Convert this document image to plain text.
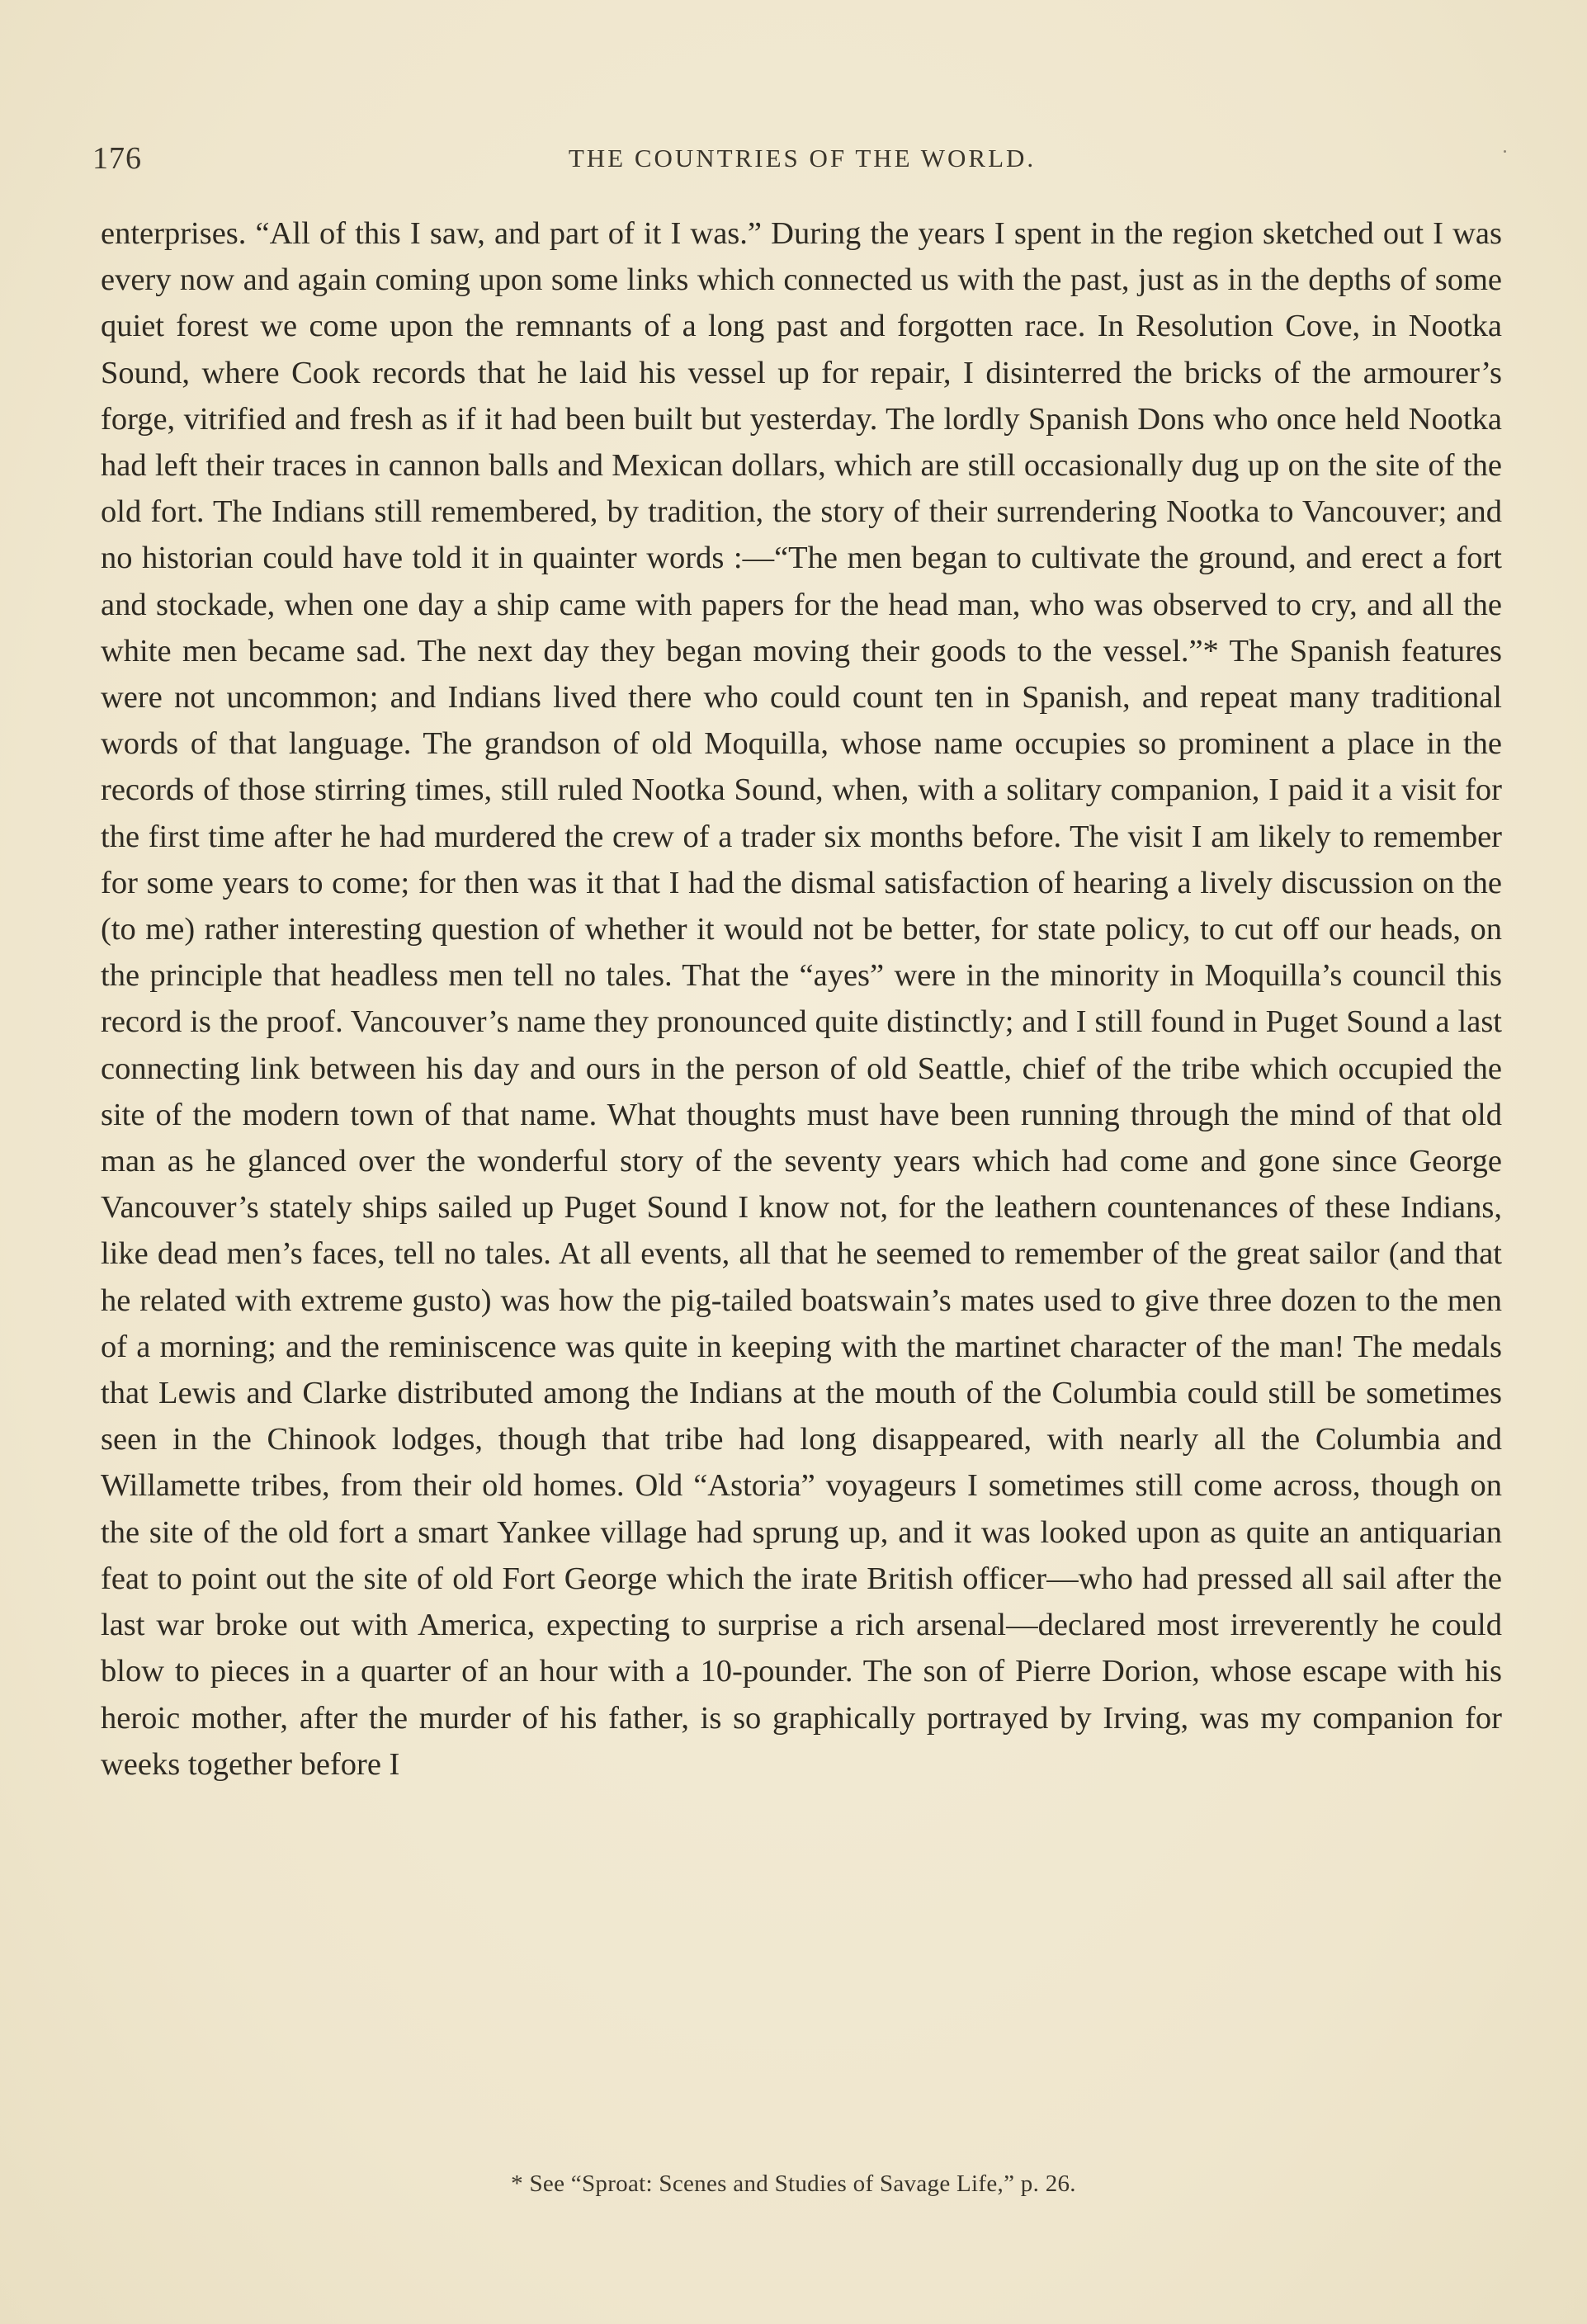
176	THE COUNTRIES OF THE WORLD.

enterprises. “All of this I saw, and part of it I was.” During the years I spent in the region sketched out I was every now and again coming upon some links which connected us with the past, just as in the depths of some quiet forest we come upon the remnants of a long past and forgotten race. In Resolution Cove, in Nootka Sound, where Cook records that he laid his vessel up for repair, I disinterred the bricks of the armourer’s forge, vitrified and fresh as if it had been built but yesterday. The lordly Spanish Dons who once held Nootka had left their traces in cannon balls and Mexican dollars, which are still occasionally dug up on the site of the old fort. The Indians still remembered, by tradition, the story of their surrendering Nootka to Vancouver; and no historian could have told it in quainter words :—“The men began to cultivate the ground, and erect a fort and stockade, when one day a ship came with papers for the head man, who was observed to cry, and all the white men became sad. The next day they began moving their goods to the vessel.”* The Spanish features were not uncommon; and Indians lived there who could count ten in Spanish, and repeat many traditional words of that language. The grandson of old Moquilla, whose name occupies so prominent a place in the records of those stirring times, still ruled Nootka Sound, when, with a solitary companion, I paid it a visit for the first time after he had murdered the crew of a trader six months before. The visit I am likely to remember for some years to come; for then was it that I had the dismal satisfaction of hearing a lively discussion on the (to me) rather interesting question of whether it would not be better, for state policy, to cut off our heads, on the principle that headless men tell no tales. That the “ayes” were in the minority in Moquilla’s council this record is the proof. Vancouver’s name they pronounced quite distinctly; and I still found in Puget Sound a last connecting link between his day and ours in the person of old Seattle, chief of the tribe which occupied the site of the modern town of that name. What thoughts must have been running through the mind of that old man as he glanced over the wonderful story of the seventy years which had come and gone since George Vancouver’s stately ships sailed up Puget Sound I know not, for the leathern countenances of these Indians, like dead men’s faces, tell no tales. At all events, all that he seemed to remember of the great sailor (and that he related with extreme gusto) was how the pig-tailed boatswain’s mates used to give three dozen to the men of a morning; and the reminiscence was quite in keeping with the martinet character of the man! The medals that Lewis and Clarke distributed among the Indians at the mouth of the Columbia could still be sometimes seen in the Chinook lodges, though that tribe had long disappeared, with nearly all the Columbia and Willamette tribes, from their old homes. Old “Astoria” voyageurs I sometimes still come across, though on the site of the old fort a smart Yankee village had sprung up, and it was looked upon as quite an antiquarian feat to point out the site of old Fort George which the irate British officer—who had pressed all sail after the last war broke out with America, expecting to surprise a rich arsenal—declared most irreverently he could blow to pieces in a quarter of an hour with a 10-pounder. The son of Pierre Dorion, whose escape with his heroic mother, after the murder of his father, is so graphically portrayed by Irving, was my companion for weeks together before I

* See “Sproat: Scenes and Studies of Savage Life,” p. 26.
